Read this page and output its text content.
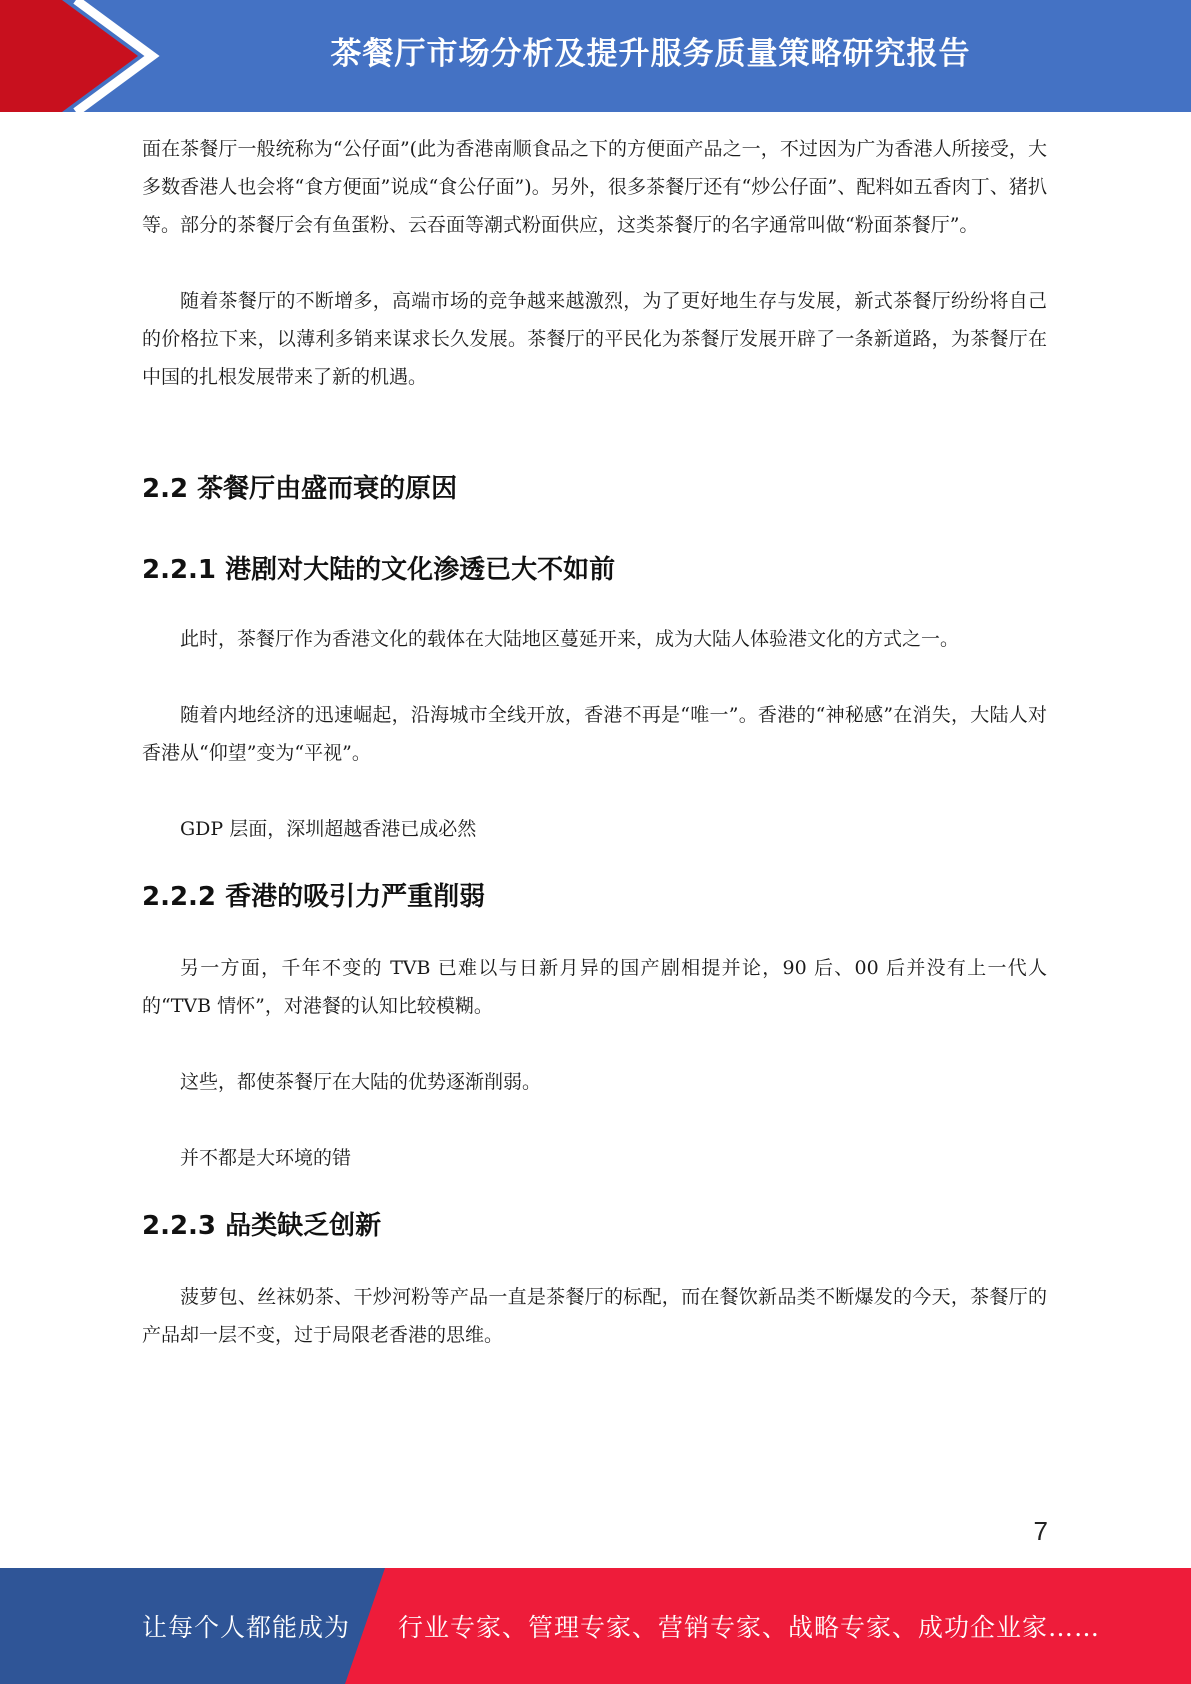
茶餐厅市场分析及提升服务质量策略研究报告

面在茶餐厅一般统称为“公仔面”(此为香港南顺食品之下的方便面产品之一，不过因为广为香港人所接受，大多数香港人也会将“食方便面”说成“食公仔面”)。另外，很多茶餐厅还有“炒公仔面”、配料如五香肉丁、猪扒等。部分的茶餐厅会有鱼蛋粉、云吞面等潮式粉面供应，这类茶餐厅的名字通常叫做“粉面茶餐厅”。

随着茶餐厅的不断增多，高端市场的竞争越来越激烈，为了更好地生存与发展，新式茶餐厅纷纷将自己的价格拉下来，以薄利多销来谋求长久发展。茶餐厅的平民化为茶餐厅发展开辟了一条新道路，为茶餐厅在中国的扎根发展带来了新的机遇。

2.2 茶餐厅由盛而衰的原因
2.2.1 港剧对大陆的文化渗透已大不如前

此时，茶餐厅作为香港文化的载体在大陆地区蔓延开来，成为大陆人体验港文化的方式之一。

随着内地经济的迅速崛起，沿海城市全线开放，香港不再是“唯一”。香港的“神秘感”在消失，大陆人对香港从“仰望”变为“平视”。

GDP 层面，深圳超越香港已成必然

2.2.2 香港的吸引力严重削弱

另一方面，千年不变的 TVB 已难以与日新月异的国产剧相提并论，90 后、00 后并没有上一代人的“TVB 情怀”，对港餐的认知比较模糊。

这些，都使茶餐厅在大陆的优势逐渐削弱。

并不都是大环境的错

2.2.3 品类缺乏创新

菠萝包、丝袜奶茶、干炒河粉等产品一直是茶餐厅的标配，而在餐饮新品类不断爆发的今天，茶餐厅的产品却一层不变，过于局限老香港的思维。

7
让每个人都能成为 行业专家、管理专家、营销专家、战略专家、成功企业家……
